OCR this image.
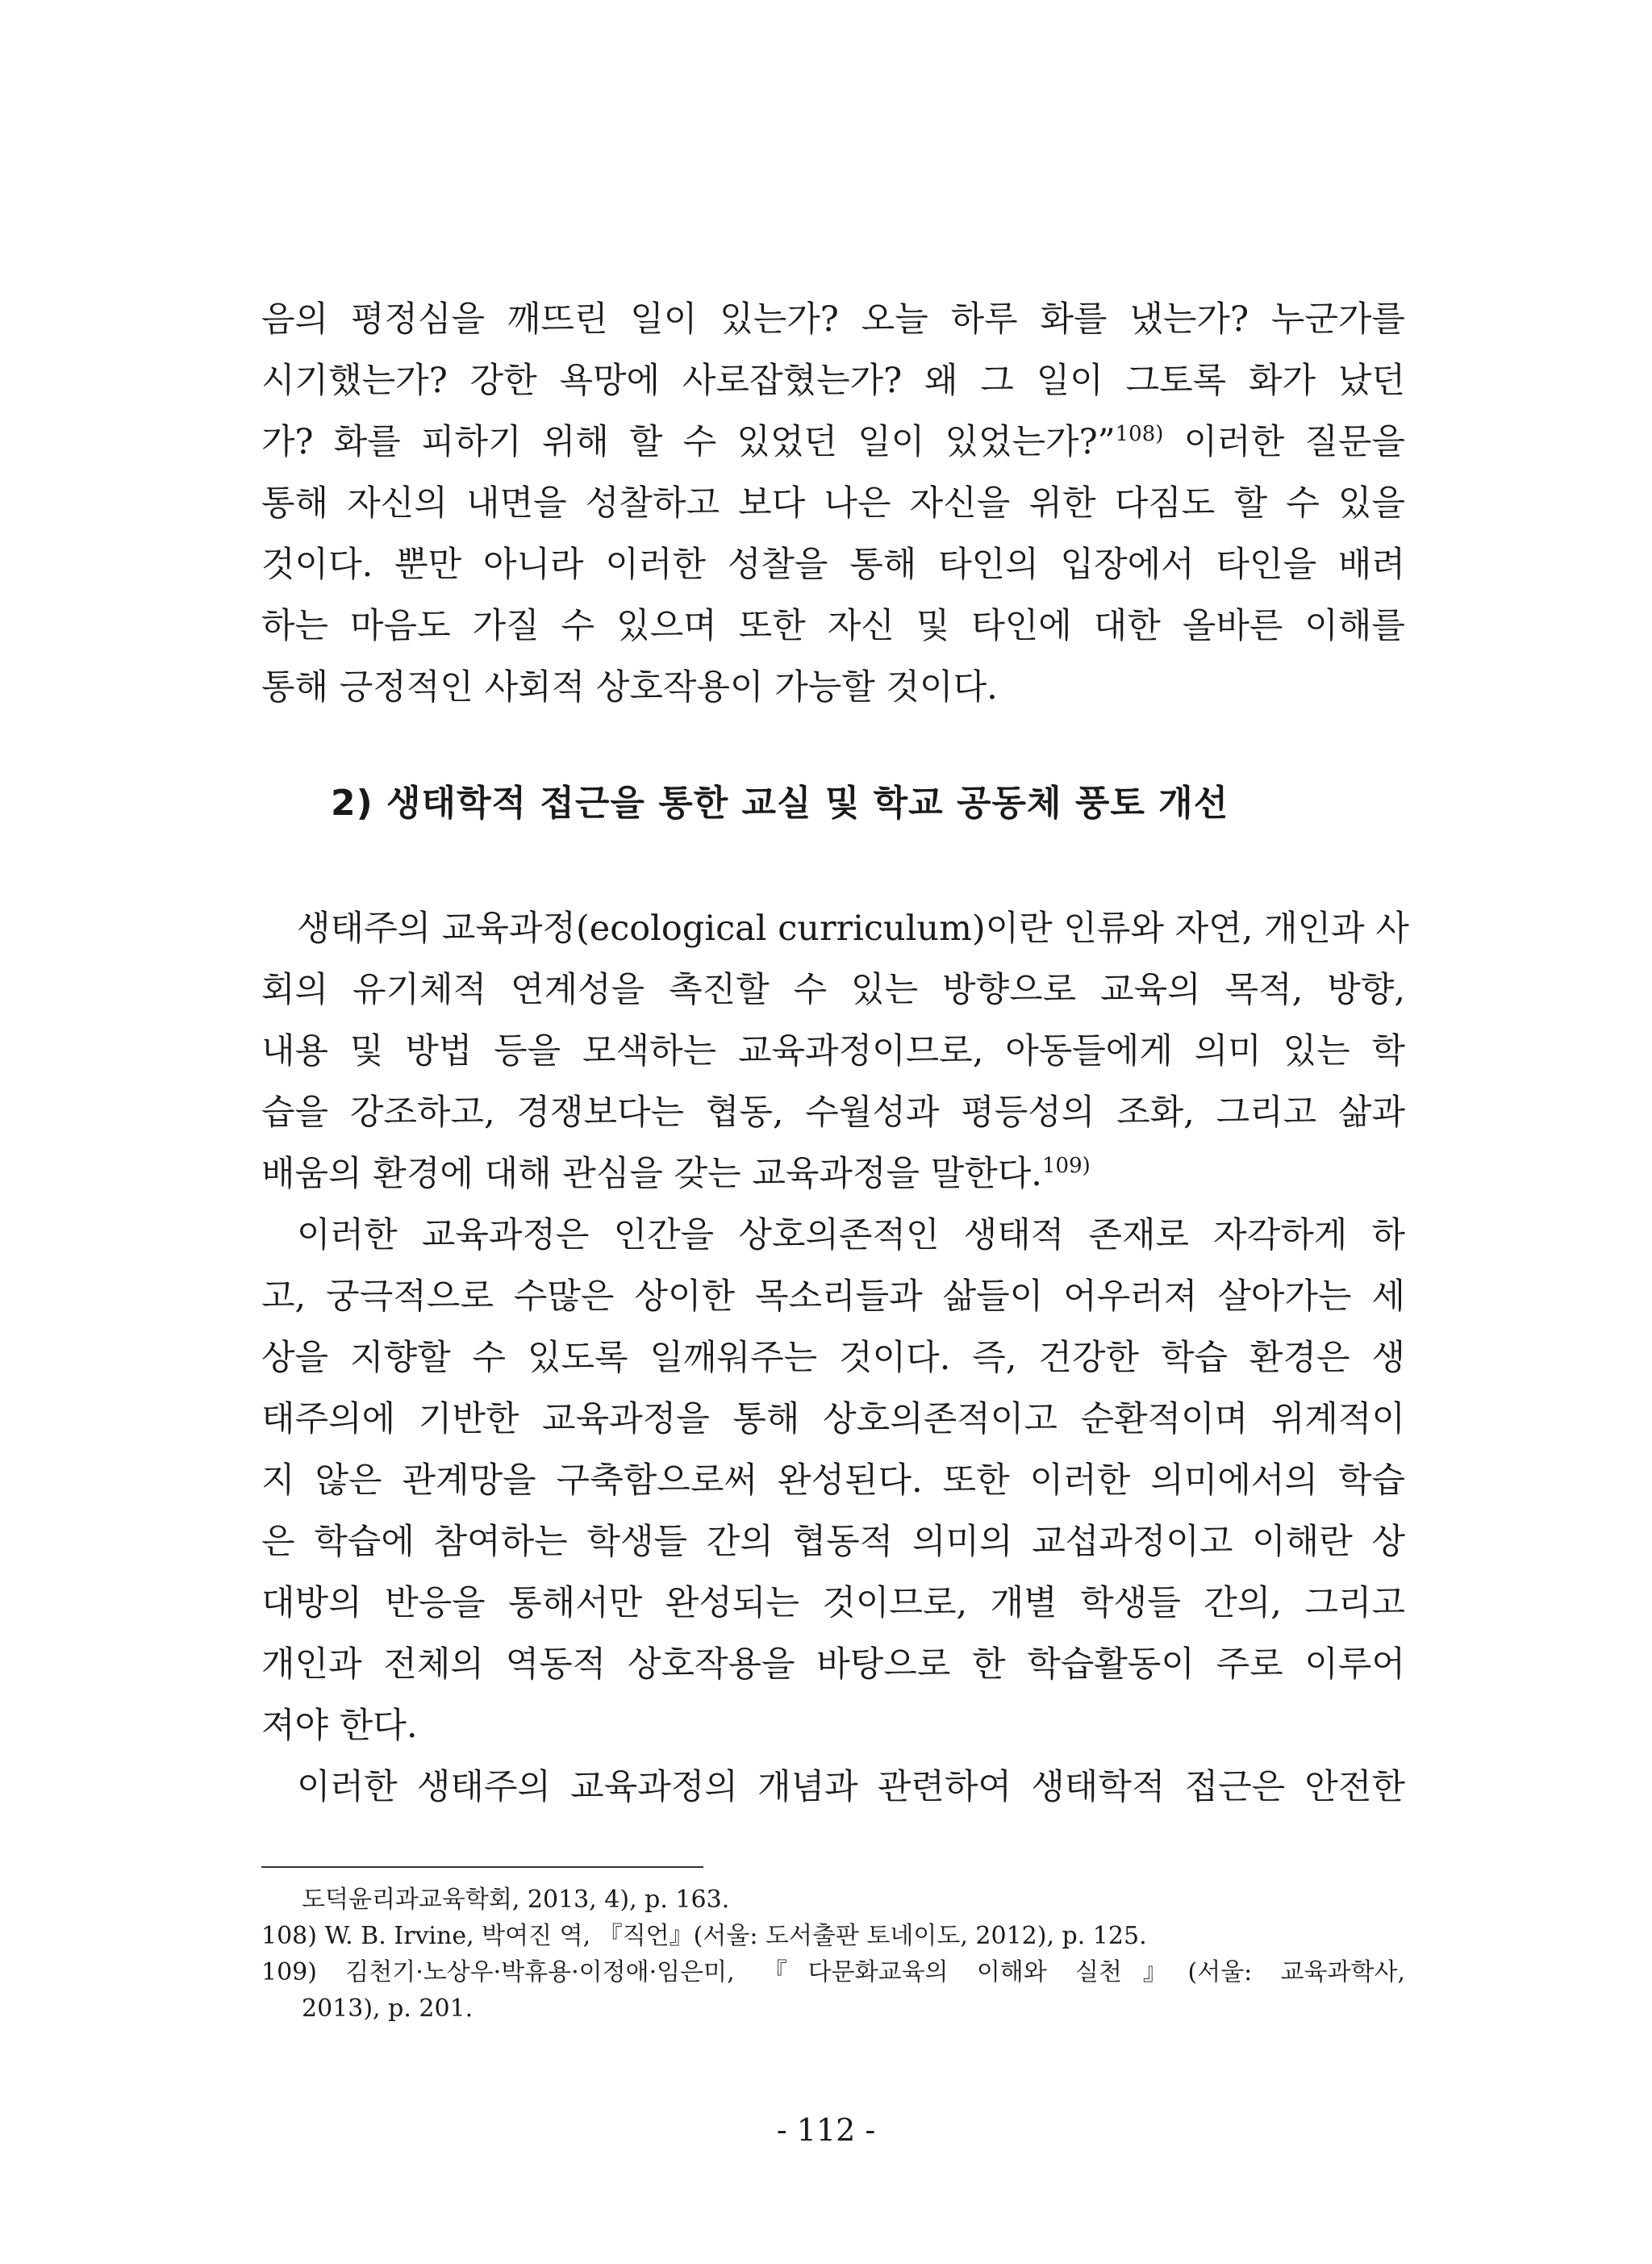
음의 평정심을 깨뜨린 일이 있는가? 오늘 하루 화를 냈는가? 누군가를
시기했는가? 강한 욕망에 사로잡혔는가? 왜 그 일이 그토록 화가 났던
가? 화를 피하기 위해 할 수 있었던 일이 있었는가?”$^{108)}$ 이러한 질문을
통해 자신의 내면을 성찰하고 보다 나은 자신을 위한 다짐도 할 수 있을
것이다. 뿐만 아니라 이러한 성찰을 통해 타인의 입장에서 타인을 배려
하는 마음도 가질 수 있으며 또한 자신 및 타인에 대한 올바른 이해를
통해 긍정적인 사회적 상호작용이 가능할 것이다.
2) 생태학적 접근을 통한 교실 및 학교 공동체 풍토 개선
생태주의 교육과정(ecological curriculum)이란 인류와 자연, 개인과 사
회의 유기체적 연계성을 촉진할 수 있는 방향으로 교육의 목적, 방향,
내용 및 방법 등을 모색하는 교육과정이므로, 아동들에게 의미 있는 학
습을 강조하고, 경쟁보다는 협동, 수월성과 평등성의 조화, 그리고 삶과
배움의 환경에 대해 관심을 갖는 교육과정을 말한다.$^{109)}$
이러한 교육과정은 인간을 상호의존적인 생태적 존재로 자각하게 하
고, 궁극적으로 수많은 상이한 목소리들과 삶들이 어우러져 살아가는 세
상을 지향할 수 있도록 일깨워주는 것이다. 즉, 건강한 학습 환경은 생
태주의에 기반한 교육과정을 통해 상호의존적이고 순환적이며 위계적이
지 않은 관계망을 구축함으로써 완성된다. 또한 이러한 의미에서의 학습
은 학습에 참여하는 학생들 간의 협동적 의미의 교섭과정이고 이해란 상
대방의 반응을 통해서만 완성되는 것이므로, 개별 학생들 간의, 그리고
개인과 전체의 역동적 상호작용을 바탕으로 한 학습활동이 주로 이루어
져야 한다.
이러한 생태주의 교육과정의 개념과 관련하여 생태학적 접근은 안전한
도덕윤리과교육학회, 2013, 4), p. 163.
108) W. B. Irvine, 박여진 역, 『직언』(서울: 도서출판 토네이도, 2012), p. 125.
109) 김천기·노상우·박휴용·이정애·임은미, 『다문화교육의 이해와 실천』(서울: 교육과학사,
2013), p. 201.
- 112 -
